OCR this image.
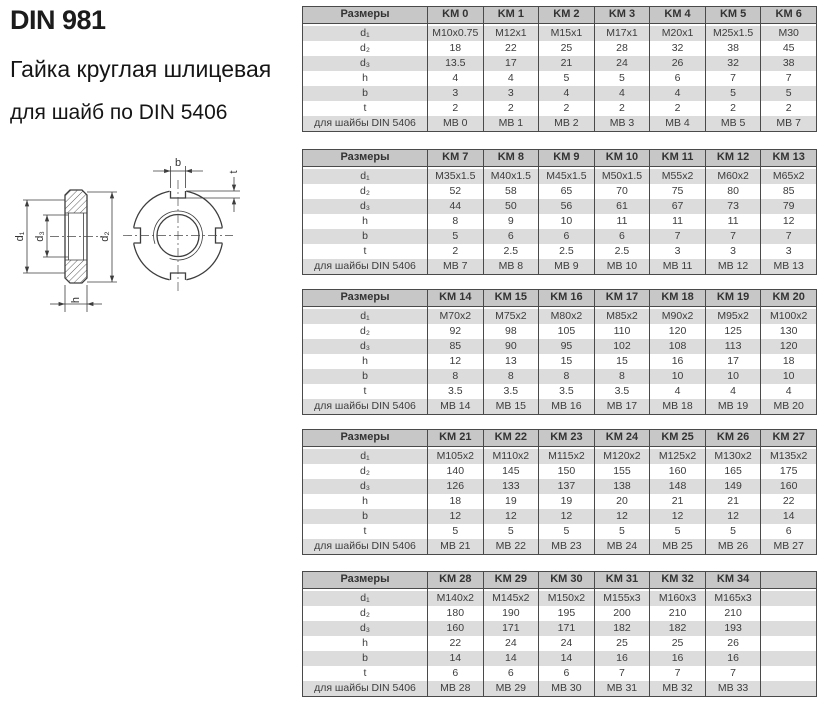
DIN 981
Гайка круглая шлицевая
для шайб по DIN 5406
d₁ d₃	d₂
h
b
t
Размеры	KM 0	KM 1	KM 2	KM 3	KM 4	KM 5	KM 6

d₁	M10x0.75	M12x1	M15x1	M17x1	M20x1	M25x1.5	M30
d₂	18	22	25	28	32	38	45
d₃	13.5	17	21	24	26	32	38
h	4	4	5	5	6	7	7
b	3	3	4	4	4	5	5
t	2	2	2	2	2	2	2
для шайбы DIN 5406	MB 0	MB 1	MB 2	MB 3	MB 4	MB 5	MB 7
Размеры	KM 7	KM 8	KM 9	KM 10	KM 11	KM 12	KM 13

d₁	M35x1.5	M40x1.5	M45x1.5	M50x1.5	M55x2	M60x2	M65x2
d₂	52	58	65	70	75	80	85
d₃	44	50	56	61	67	73	79
h	8	9	10	11	11	11	12
b	5	6	6	6	7	7	7
t	2	2.5	2.5	2.5	3	3	3
для шайбы DIN 5406	MB 7	MB 8	MB 9	MB 10	MB 11	MB 12	MB 13
Размеры	KM 14	KM 15	KM 16	KM 17	KM 18	KM 19	KM 20

d₁	M70x2	M75x2	M80x2	M85x2	M90x2	M95x2	M100x2
d₂	92	98	105	110	120	125	130
d₃	85	90	95	102	108	113	120
h	12	13	15	15	16	17	18
b	8	8	8	8	10	10	10
t	3.5	3.5	3.5	3.5	4	4	4
для шайбы DIN 5406	MB 14	MB 15	MB 16	MB 17	MB 18	MB 19	MB 20
Размеры	KM 21	KM 22	KM 23	KM 24	KM 25	KM 26	KM 27

d₁	M105x2	M110x2	M115x2	M120x2	M125x2	M130x2	M135x2
d₂	140	145	150	155	160	165	175
d₃	126	133	137	138	148	149	160
h	18	19	19	20	21	21	22
b	12	12	12	12	12	12	14
t	5	5	5	5	5	5	6
для шайбы DIN 5406	MB 21	MB 22	MB 23	MB 24	MB 25	MB 26	MB 27
Размеры	KM 28	KM 29	KM 30	KM 31	KM 32	KM 34	

d₁	M140x2	M145x2	M150x2	M155x3	M160x3	M165x3	
d₂	180	190	195	200	210	210	
d₃	160	171	171	182	182	193	
h	22	24	24	25	25	26	
b	14	14	14	16	16	16	
t	6	6	6	7	7	7	
для шайбы DIN 5406	MB 28	MB 29	MB 30	MB 31	MB 32	MB 33	
